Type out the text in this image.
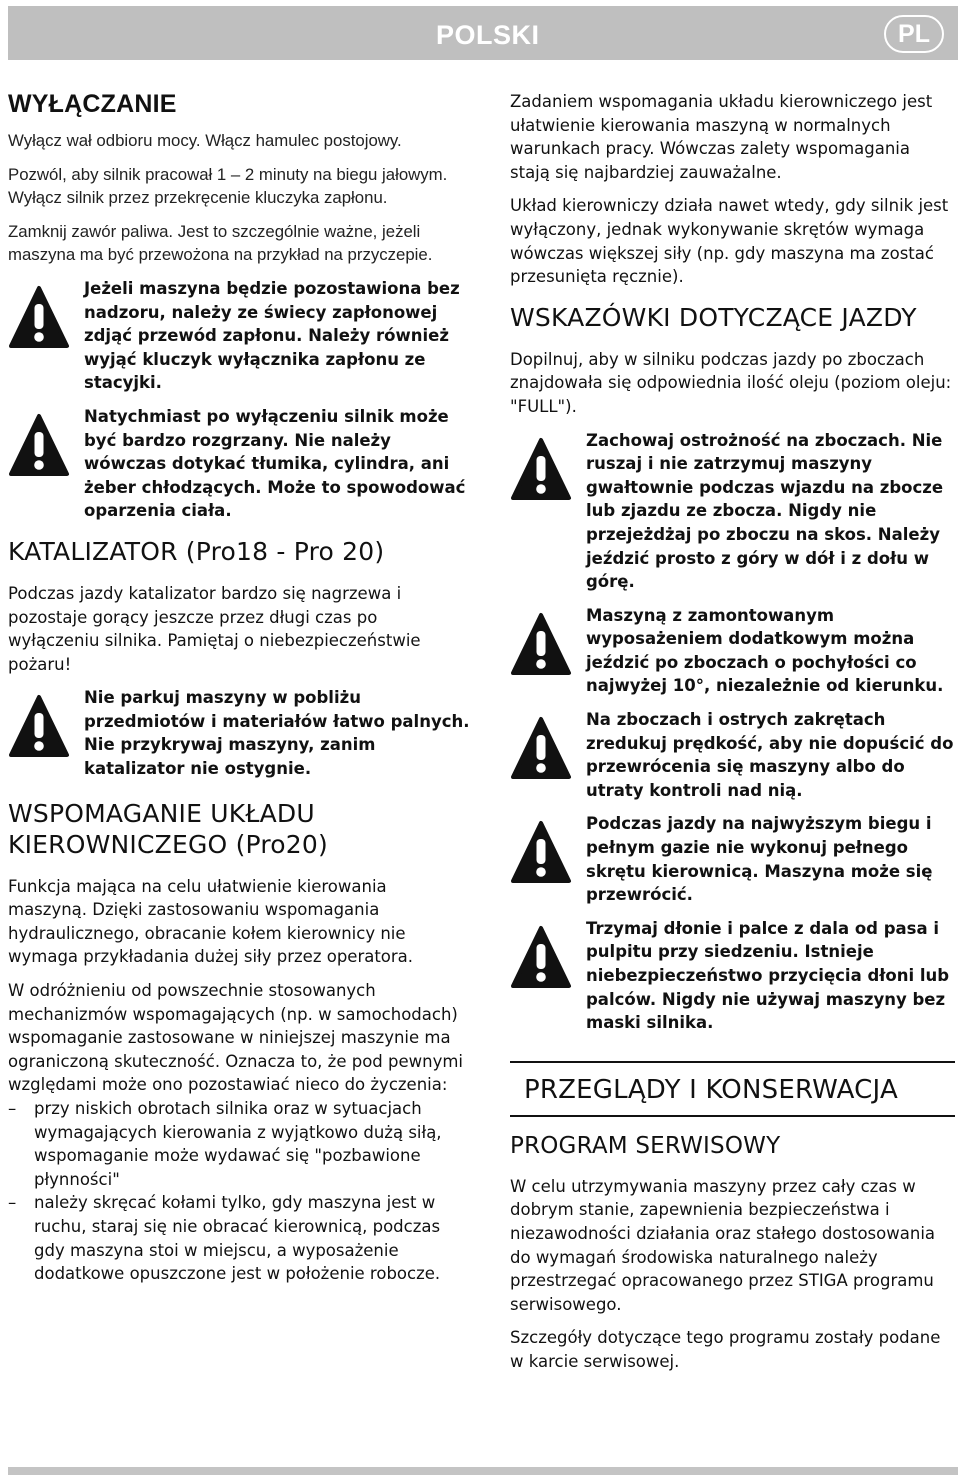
POLSKI	PL
WYŁĄCZANIE

Wyłącz wał odbioru mocy. Włącz hamulec postojowy.

Pozwól, aby silnik pracował 1 – 2 minuty na biegu jałowym. Wyłącz silnik przez przekręcenie kluczyka zapłonu.

Zamknij zawór paliwa. Jest to szczególnie ważne, jeżeli maszyna ma być przewożona na przykład na przyczepie.

Jeżeli maszyna będzie pozostawiona bez nadzoru, należy ze świecy zapłonowej zdjąć przewód zapłonu. Należy również wyjąć kluczyk wyłącznika zapłonu ze stacyjki.

Natychmiast po wyłączeniu silnik może być bardzo rozgrzany. Nie należy wówczas dotykać tłumika, cylindra, ani żeber chłodzących. Może to spowodować oparzenia ciała.

KATALIZATOR (Pro18 - Pro 20)

Podczas jazdy katalizator bardzo się nagrzewa i pozostaje gorący jeszcze przez długi czas po wyłączeniu silnika. Pamiętaj o niebezpieczeństwie pożaru!

Nie parkuj maszyny w pobliżu przedmiotów i materiałów łatwo palnych. Nie przykrywaj maszyny, zanim katalizator nie ostygnie.

WSPOMAGANIE UKŁADU
KIEROWNICZEGO (Pro20)

Funkcja mająca na celu ułatwienie kierowania maszyną. Dzięki zastosowaniu wspomagania hydraulicznego, obracanie kołem kierownicy nie wymaga przykładania dużej siły przez operatora.

W odróżnieniu od powszechnie stosowanych mechanizmów wspomagających (np. w samochodach) wspomaganie zastosowane w niniejszej maszynie ma ograniczoną skuteczność. Oznacza to, że pod pewnymi względami może ono pozostawiać nieco do życzenia:

– przy niskich obrotach silnika oraz w sytuacjach wymagających kierowania z wyjątkowo dużą siłą, wspomaganie może wydawać się "pozbawione płynności"
– należy skręcać kołami tylko, gdy maszyna jest w ruchu, staraj się nie obracać kierownicą, podczas gdy maszyna stoi w miejscu, a wyposażenie dodatkowe opuszczone jest w położenie robocze.

Zadaniem wspomagania układu kierowniczego jest ułatwienie kierowania maszyną w normalnych warunkach pracy. Wówczas zalety wspomagania stają się najbardziej zauważalne.

Układ kierowniczy działa nawet wtedy, gdy silnik jest wyłączony, jednak wykonywanie skrętów wymaga wówczas większej siły (np. gdy maszyna ma zostać przesunięta ręcznie).

WSKAZÓWKI DOTYCZĄCE JAZDY

Dopilnuj, aby w silniku podczas jazdy po zboczach znajdowała się odpowiednia ilość oleju (poziom oleju: "FULL").

Zachowaj ostrożność na zboczach. Nie ruszaj i nie zatrzymuj maszyny gwałtownie podczas wjazdu na zbocze lub zjazdu ze zbocza. Nigdy nie przejeżdżaj po zboczu na skos. Należy jeździć prosto z góry w dół i z dołu w górę.

Maszyną z zamontowanym wyposażeniem dodatkowym można jeździć po zboczach o pochyłości co najwyżej 10°, niezależnie od kierunku.

Na zboczach i ostrych zakrętach zredukuj prędkość, aby nie dopuścić do przewrócenia się maszyny albo do utraty kontroli nad nią.

Podczas jazdy na najwyższym biegu i pełnym gazie nie wykonuj pełnego skrętu kierownicą. Maszyna może się przewrócić.

Trzymaj dłonie i palce z dala od pasa i pulpitu przy siedzeniu. Istnieje niebezpieczeństwo przycięcia dłoni lub palców. Nigdy nie używaj maszyny bez maski silnika.

PRZEGLĄDY I KONSERWACJA
PROGRAM SERWISOWY

W celu utrzymywania maszyny przez cały czas w dobrym stanie, zapewnienia bezpieczeństwa i niezawodności działania oraz stałego dostosowania do wymagań środowiska naturalnego należy przestrzegać opracowanego przez STIGA programu serwisowego.

Szczegóły dotyczące tego programu zostały podane w karcie serwisowej.
